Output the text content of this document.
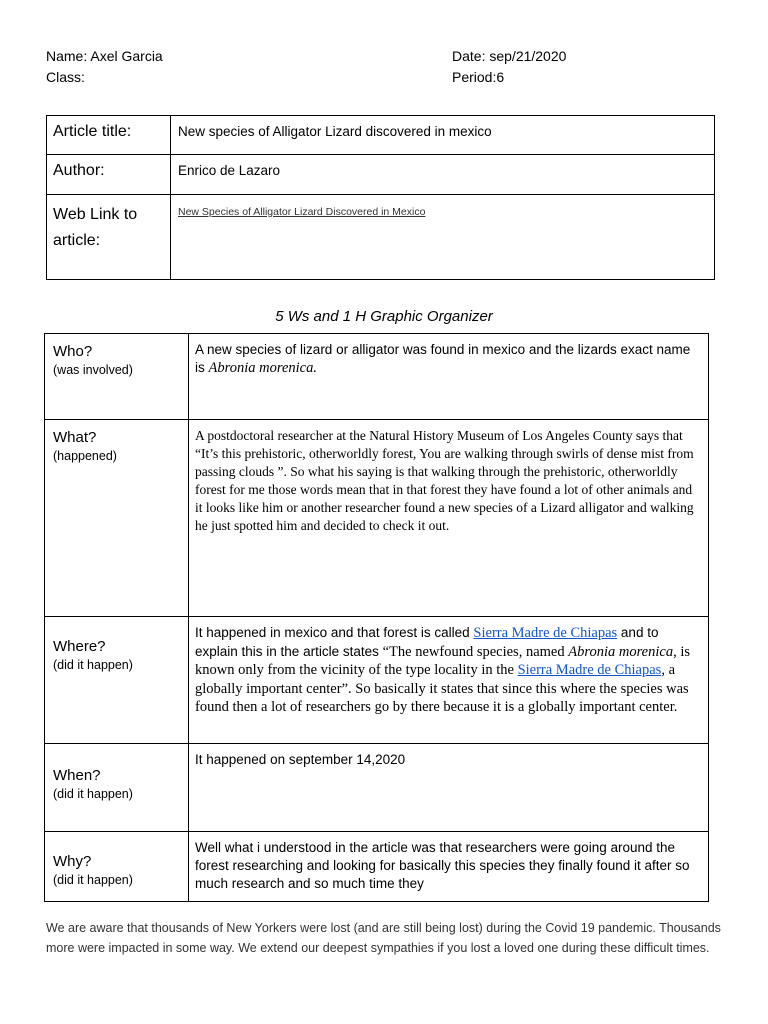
Name: Axel Garcia
Class:
Date: sep/21/2020
Period:6
Article title:	New species of Alligator Lizard discovered in mexico
Author:	Enrico de Lazaro
Web Link to
article:	New Species of Alligator Lizard Discovered in Mexico
5 Ws and 1 H Graphic Organizer
Who?
(was involved)	A new species of lizard or alligator was found in mexico and the lizards exact name is Abronia morenica.

What?
(happened)	A postdoctoral researcher at the Natural History Museum of Los Angeles County says that “It’s this prehistoric, otherworldly forest, You are walking through swirls of dense mist from passing clouds ”. So what his saying is that walking through the prehistoric, otherworldly forest for me those words mean that in that forest they have found a lot of other animals and it looks like him or another researcher found a new species of a Lizard alligator and walking he just spotted him and decided to check it out.

Where?
(did it happen)	It happened in mexico and that forest is called Sierra Madre de Chiapas and to explain this in the article states “The newfound species, named Abronia morenica, is known only from the vicinity of the type locality in the Sierra Madre de Chiapas, a globally important center”. So basically it states that since this where the species was found then a lot of researchers go by there because it is a globally important center.

When?
(did it happen)	It happened on september 14,2020

Why?
(did it happen)	Well what i understood in the article was that researchers were going around the forest researching and looking for basically this species they finally found it after so much research and so much time they
We are aware that thousands of New Yorkers were lost (and are still being lost) during the Covid 19 pandemic. Thousands more were impacted in some way. We extend our deepest sympathies if you lost a loved one during these difficult times.
